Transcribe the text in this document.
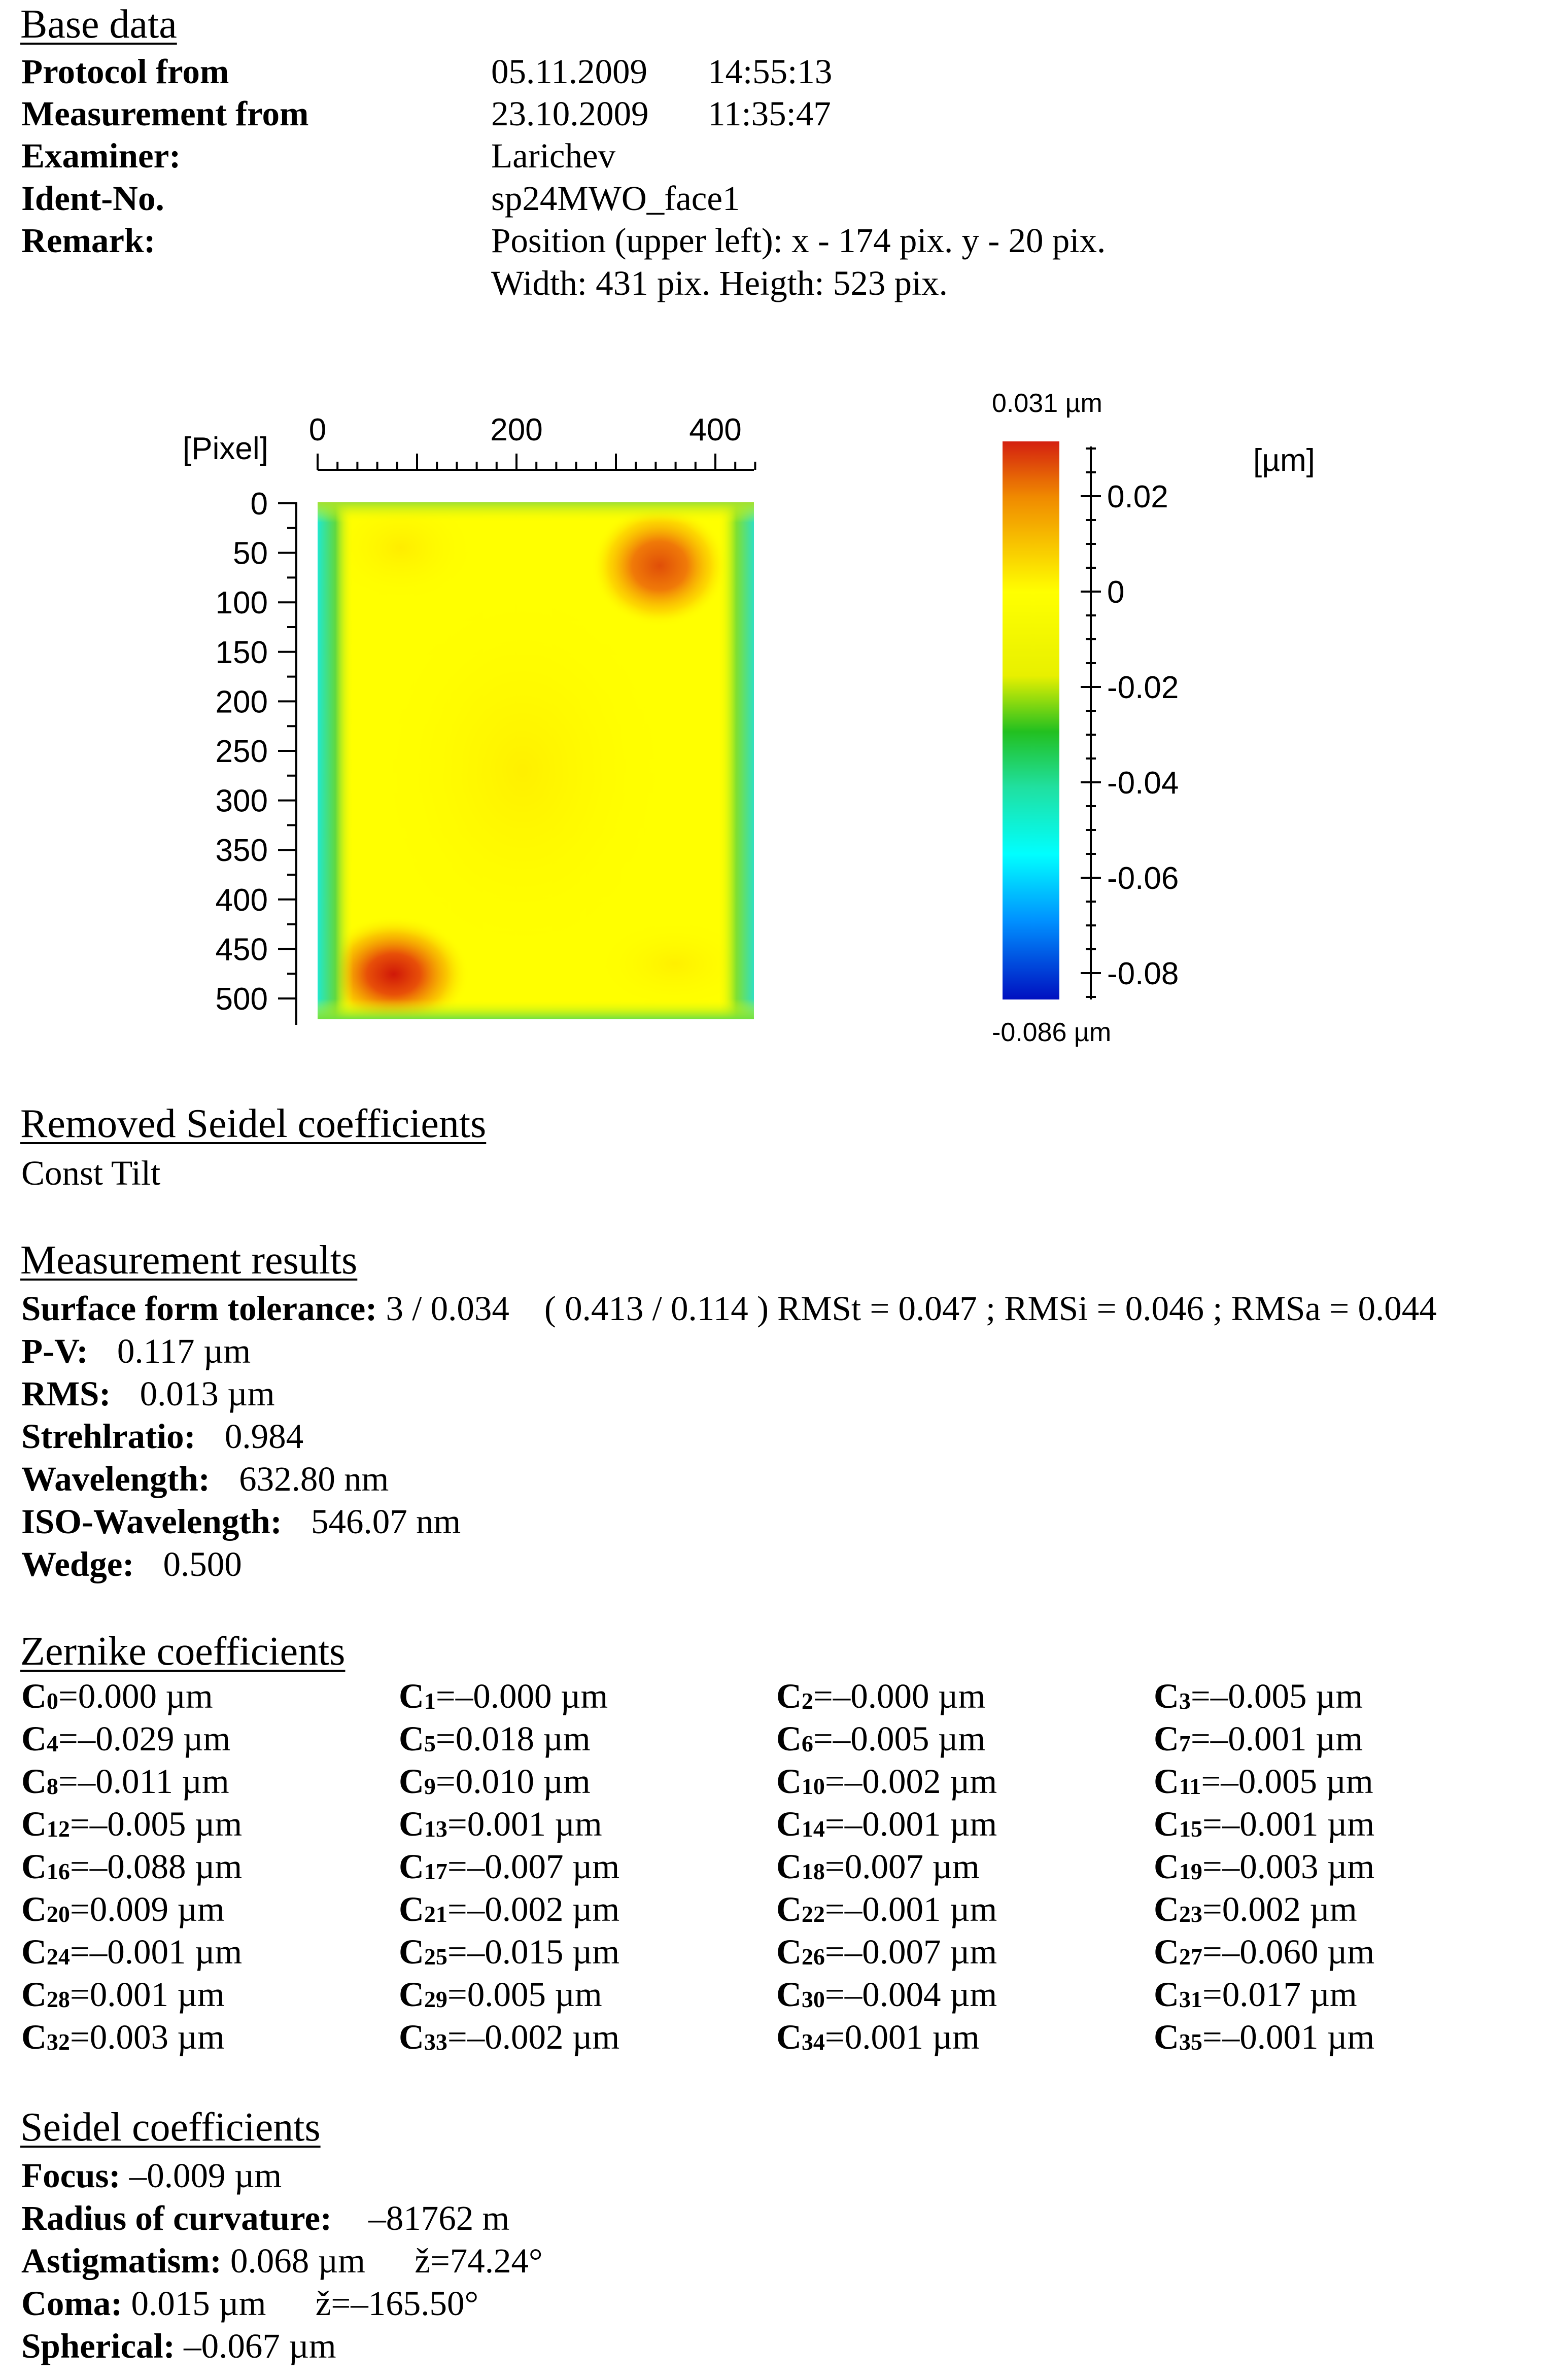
Base data
Protocol from	05.11.2009 14:55:13
Measurement from	23.10.2009 11:35:47
Examiner:	Larichev
Ident-No.	sp24MWO_face1
Remark:	Position (upper left): x - 174 pix. y - 20 pix.
Width: 431 pix. Heigth: 523 pix.
[Pixel]
0	200	400
0
50
100
150
200
250
300
350
400
450
500
0.02
0
-0.02
-0.04
-0.06
-0.08
0.031 µm
-0.086 µm
[µm]
Removed Seidel coefficients
Const Tilt
Measurement results
Surface form tolerance: 3 / 0.034    ( 0.413 / 0.114 ) RMSt = 0.047 ; RMSi = 0.046 ; RMSa = 0.044
P-V: 0.117 µm
RMS: 0.013 µm
Strehlratio: 0.984
Wavelength: 632.80 nm
ISO-Wavelength: 546.07 nm
Wedge: 0.500
Zernike coefficients
$C_0=0.000$ µm	$C_1=-0.000$ µm	$C_2=-0.000$ µm	$C_3=-0.005$ µm
$C_4=-0.029$ µm	$C_5=0.018$ µm	$C_6=-0.005$ µm	$C_7=-0.001$ µm
$C_8=-0.011$ µm	$C_9=0.010$ µm	$C_{10}=-0.002$ µm	$C_{11}=-0.005$ µm
$C_{12}=-0.005$ µm	$C_{13}=0.001$ µm	$C_{14}=-0.001$ µm	$C_{15}=-0.001$ µm
$C_{16}=-0.088$ µm	$C_{17}=-0.007$ µm	$C_{18}=0.007$ µm	$C_{19}=-0.003$ µm
$C_{20}=0.009$ µm	$C_{21}=-0.002$ µm	$C_{22}=-0.001$ µm	$C_{23}=0.002$ µm
$C_{24}=-0.001$ µm	$C_{25}=-0.015$ µm	$C_{26}=-0.007$ µm	$C_{27}=-0.060$ µm
$C_{28}=0.001$ µm	$C_{29}=0.005$ µm	$C_{30}=-0.004$ µm	$C_{31}=0.017$ µm
$C_{32}=0.003$ µm	$C_{33}=-0.002$ µm	$C_{34}=0.001$ µm	$C_{35}=-0.001$ µm
Seidel coefficients
Focus: –0.009 µm
Radius of curvature: –81762 m
Astigmatism: 0.068 µm ž=74.24°
Coma: 0.015 µm ž=–165.50°
Spherical: –0.067 µm
